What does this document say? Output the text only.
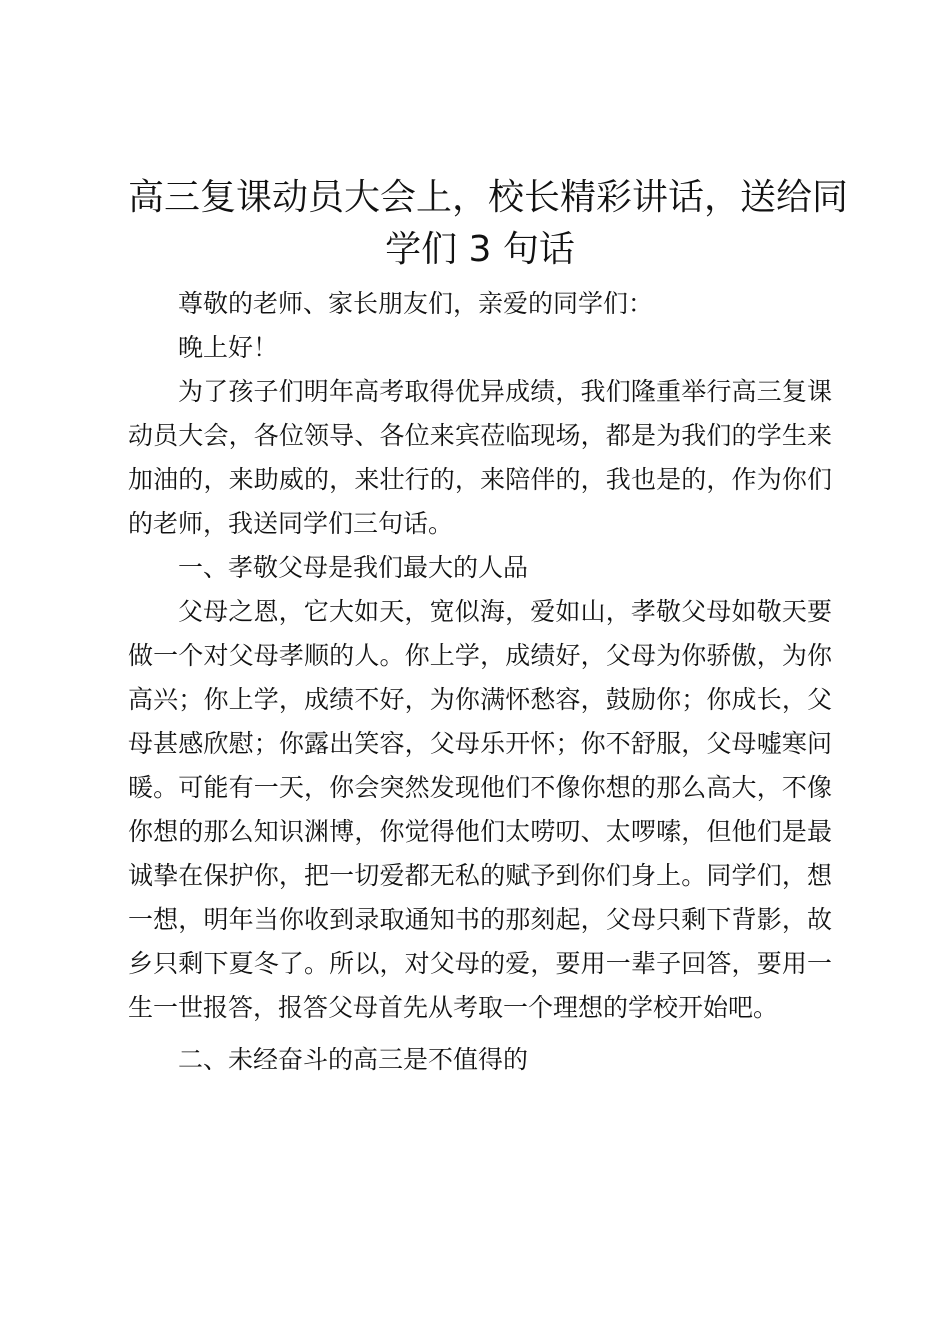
高三复课动员大会上，校长精彩讲话，送给同
学们 3 句话

尊敬的老师、家长朋友们，亲爱的同学们：

晚上好！

为了孩子们明年高考取得优异成绩，我们隆重举行高三复课动员大会，各位领导、各位来宾莅临现场，都是为我们的学生来加油的，来助威的，来壮行的，来陪伴的，我也是的，作为你们的老师，我送同学们三句话。

一、孝敬父母是我们最大的人品

父母之恩，它大如天，宽似海，爱如山，孝敬父母如敬天要做一个对父母孝顺的人。你上学，成绩好，父母为你骄傲，为你高兴；你上学，成绩不好，为你满怀愁容，鼓励你；你成长，父母甚感欣慰；你露出笑容，父母乐开怀；你不舒服，父母嘘寒问暖。可能有一天，你会突然发现他们不像你想的那么高大，不像你想的那么知识渊博，你觉得他们太唠叨、太啰嗦，但他们是最诚挚在保护你，把一切爱都无私的赋予到你们身上。同学们，想一想，明年当你收到录取通知书的那刻起，父母只剩下背影，故乡只剩下夏冬了。所以，对父母的爱，要用一辈子回答，要用一生一世报答，报答父母首先从考取一个理想的学校开始吧。

二、未经奋斗的高三是不值得的
